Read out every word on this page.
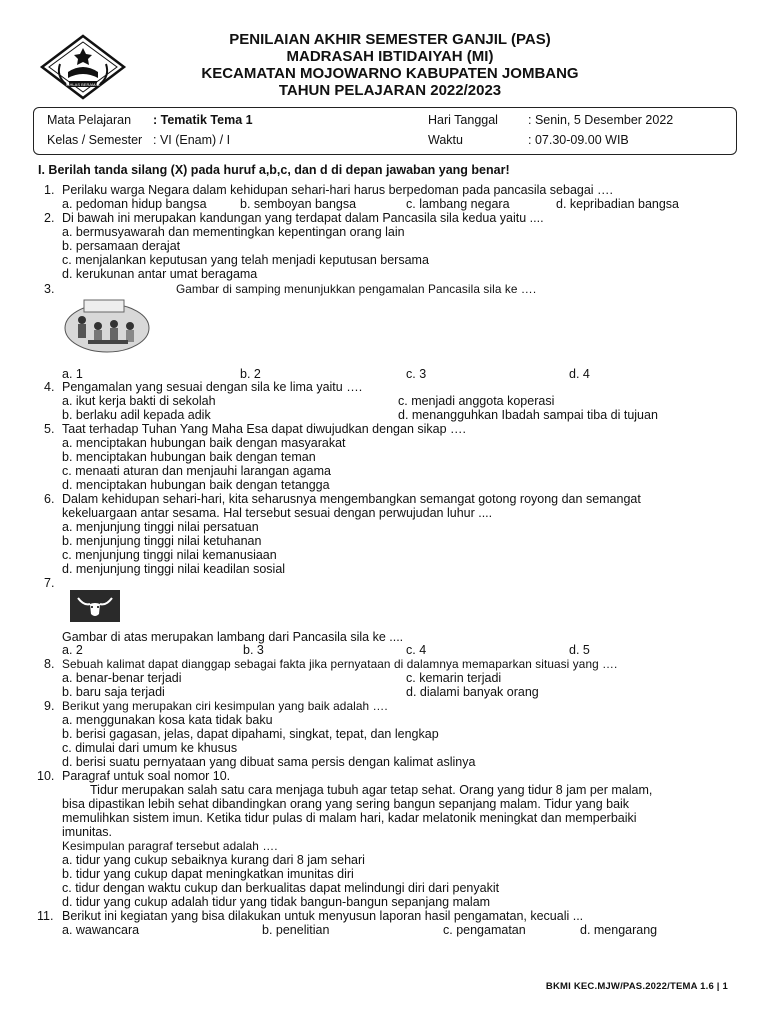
IKHLAS BERAMAL
PENILAIAN AKHIR SEMESTER GANJIL (PAS)
MADRASAH IBTIDAIYAH (MI)
KECAMATAN MOJOWARNO KABUPATEN JOMBANG
TAHUN PELAJARAN 2022/2023
Mata Pelajaran : Tematik Tema 1
Kelas / Semester : VI (Enam) / I
Hari Tanggal : Senin, 5 Desember 2022
Waktu	: 07.30-09.00 WIB
I. Berilah tanda silang (X) pada huruf a,b,c, dan d di depan jawaban yang benar!
1. Perilaku warga Negara dalam kehidupan sehari-hari harus berpedoman pada pancasila sebagai ….
a. pedoman hidup bangsa	b. semboyan bangsa	c. lambang negara	d. kepribadian bangsa
2. Di bawah ini merupakan kandungan yang terdapat dalam Pancasila sila kedua yaitu ....
a. bermusyawarah dan mementingkan kepentingan orang lain
b. persamaan derajat
c. menjalankan keputusan yang telah menjadi keputusan bersama
d. kerukunan antar umat beragama
3.	Gambar di samping menunjukkan pengamalan Pancasila sila ke ….
a. 1	b. 2	c. 3	d. 4
4. Pengamalan yang sesuai dengan sila ke lima yaitu ….
a. ikut kerja bakti di sekolah	c. menjadi anggota koperasi
b. berlaku adil kepada adik	d. menangguhkan Ibadah sampai tiba di tujuan
5. Taat terhadap Tuhan Yang Maha Esa dapat diwujudkan dengan sikap ….
a. menciptakan hubungan baik dengan masyarakat
b. menciptakan hubungan baik dengan teman
c. menaati aturan dan menjauhi larangan agama
d. menciptakan hubungan baik dengan tetangga
6. Dalam kehidupan sehari-hari, kita seharusnya mengembangkan semangat gotong royong dan semangat
kekeluargaan antar sesama. Hal tersebut sesuai dengan perwujudan luhur ....
a. menjunjung tinggi nilai persatuan
b. menjunjung tinggi nilai ketuhanan
c. menjunjung tinggi nilai kemanusiaan
d. menjunjung tinggi nilai keadilan sosial
7.
Gambar di atas merupakan lambang dari Pancasila sila ke ....
a. 2	b. 3	c. 4	d. 5
8. Sebuah kalimat dapat dianggap sebagai fakta jika pernyataan di dalamnya memaparkan situasi yang ….
a. benar-benar terjadi	c. kemarin terjadi
b. baru saja terjadi	d. dialami banyak orang
9. Berikut yang merupakan ciri kesimpulan yang baik adalah ….
a. menggunakan kosa kata tidak baku
b. berisi gagasan, jelas, dapat dipahami, singkat, tepat, dan lengkap
c. dimulai dari umum ke khusus
d. berisi suatu pernyataan yang dibuat sama persis dengan kalimat aslinya
10. Paragraf untuk soal nomor 10.
Tidur merupakan salah satu cara menjaga tubuh agar tetap sehat. Orang yang tidur 8 jam per malam,
bisa dipastikan lebih sehat dibandingkan orang yang sering bangun sepanjang malam. Tidur yang baik
memulihkan sistem imun. Ketika tidur pulas di malam hari, kadar melatonik meningkat dan memperbaiki
imunitas.
Kesimpulan paragraf tersebut adalah ….
a. tidur yang cukup sebaiknya kurang dari 8 jam sehari
b. tidur yang cukup dapat meningkatkan imunitas diri
c. tidur dengan waktu cukup dan berkualitas dapat melindungi diri dari penyakit
d. tidur yang cukup adalah tidur yang tidak bangun-bangun sepanjang malam
11. Berikut ini kegiatan yang bisa dilakukan untuk menyusun laporan hasil pengamatan, kecuali ...
a. wawancara	b. penelitian	c. pengamatan	d. mengarang
BKMI KEC.MJW/PAS.2022/TEMA 1.6 | 1
